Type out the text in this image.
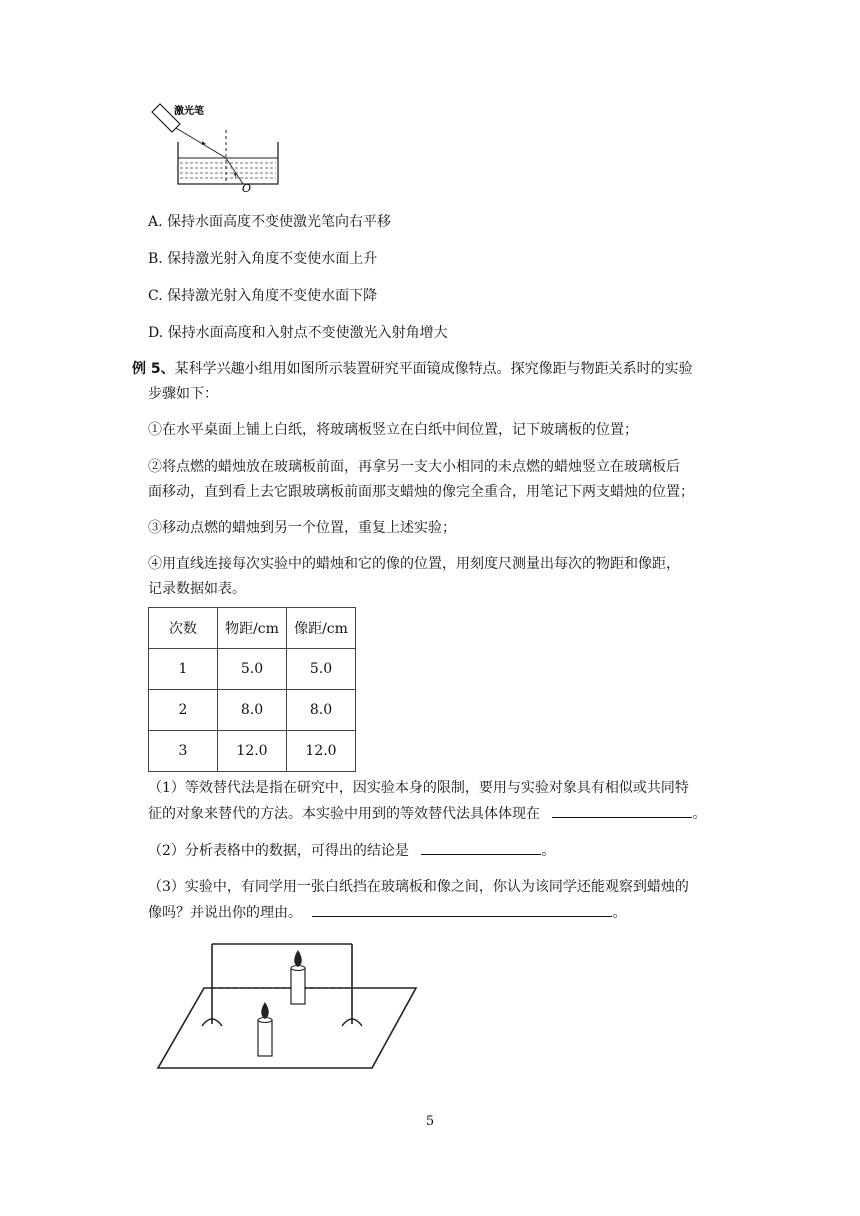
激光笔
O
A. 保持水面高度不变使激光笔向右平移
B. 保持激光射入角度不变使水面上升
C. 保持激光射入角度不变使水面下降
D. 保持水面高度和入射点不变使激光入射角增大
例 5、某科学兴趣小组用如图所示装置研究平面镜成像特点。探究像距与物距关系时的实验
步骤如下：
①在水平桌面上铺上白纸，将玻璃板竖立在白纸中间位置，记下玻璃板的位置；
②将点燃的蜡烛放在玻璃板前面，再拿另一支大小相同的未点燃的蜡烛竖立在玻璃板后
面移动，直到看上去它跟玻璃板前面那支蜡烛的像完全重合，用笔记下两支蜡烛的位置；
③移动点燃的蜡烛到另一个位置，重复上述实验；
④用直线连接每次实验中的蜡烛和它的像的位置，用刻度尺测量出每次的物距和像距，
记录数据如表。
次数	物距/cm	像距/cm
1	5.0	5.0
2	8.0	8.0
3	12.0	12.0
（1）等效替代法是指在研究中，因实验本身的限制，要用与实验对象具有相似或共同特
征的对象来替代的方法。本实验中用到的等效替代法具体体现在	。
（2）分析表格中的数据，可得出的结论是	。
（3）实验中，有同学用一张白纸挡在玻璃板和像之间，你认为该同学还能观察到蜡烛的
像吗？并说出你的理由。	。
5
